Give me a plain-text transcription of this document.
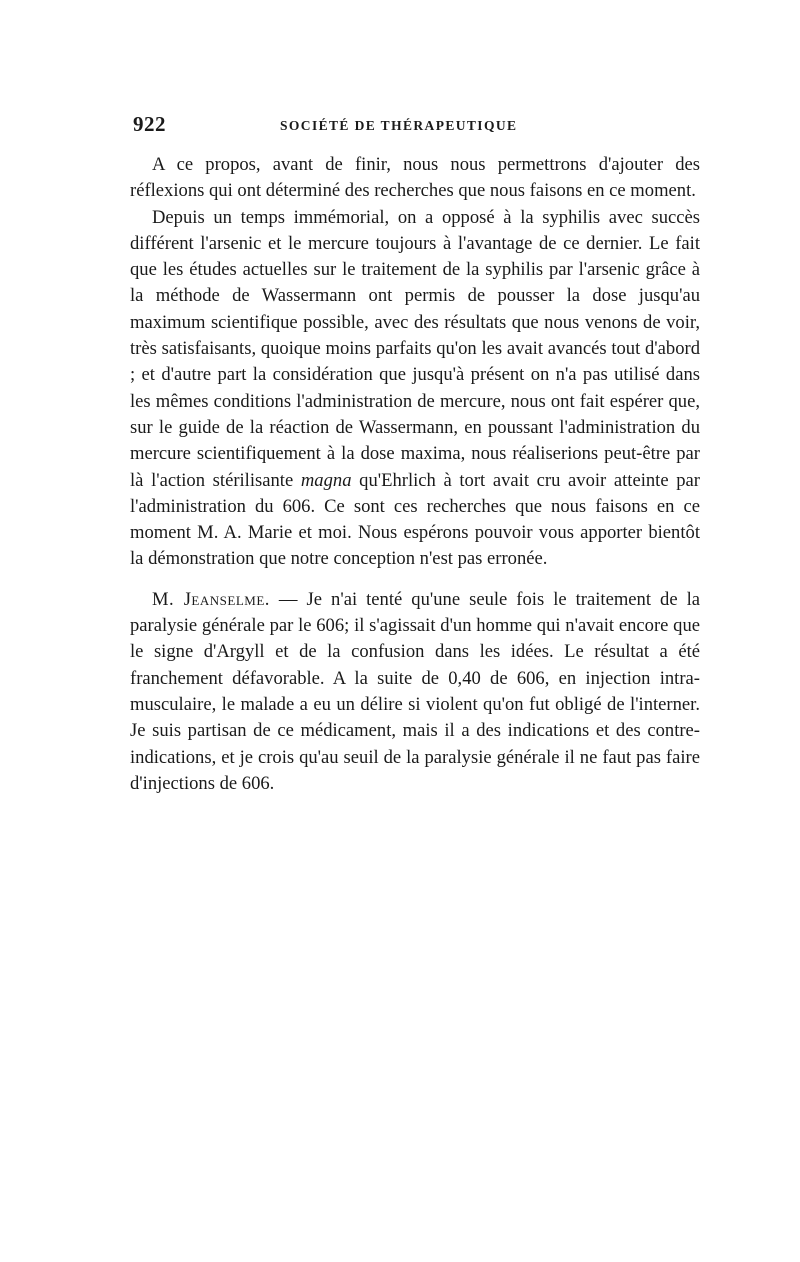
922	SOCIÉTÉ DE THÉRAPEUTIQUE

A ce propos, avant de finir, nous nous permettrons d'ajouter des réflexions qui ont déterminé des recherches que nous faisons en ce moment.

Depuis un temps immémorial, on a opposé à la syphilis avec succès différent l'arsenic et le mercure toujours à l'avantage de ce dernier. Le fait que les études actuelles sur le traitement de la syphilis par l'arsenic grâce à la méthode de Wassermann ont permis de pousser la dose jusqu'au maximum scientifique possible, avec des résultats que nous venons de voir, très satisfaisants, quoique moins parfaits qu'on les avait avancés tout d'abord ; et d'autre part la considération que jusqu'à présent on n'a pas utilisé dans les mêmes conditions l'administration de mercure, nous ont fait espérer que, sur le guide de la réaction de Wassermann, en poussant l'administration du mercure scientifiquement à la dose maxima, nous réaliserions peut-être par là l'action stérilisante magna qu'Ehrlich à tort avait cru avoir atteinte par l'administration du 606. Ce sont ces recherches que nous faisons en ce moment M. A. Marie et moi. Nous espérons pouvoir vous apporter bientôt la démonstration que notre conception n'est pas erronée.

M. Jeanselme. — Je n'ai tenté qu'une seule fois le traitement de la paralysie générale par le 606; il s'agissait d'un homme qui n'avait encore que le signe d'Argyll et de la confusion dans les idées. Le résultat a été franchement défavorable. A la suite de 0,40 de 606, en injection intra-musculaire, le malade a eu un délire si violent qu'on fut obligé de l'interner. Je suis partisan de ce médicament, mais il a des indications et des contre-indications, et je crois qu'au seuil de la paralysie générale il ne faut pas faire d'injections de 606.
